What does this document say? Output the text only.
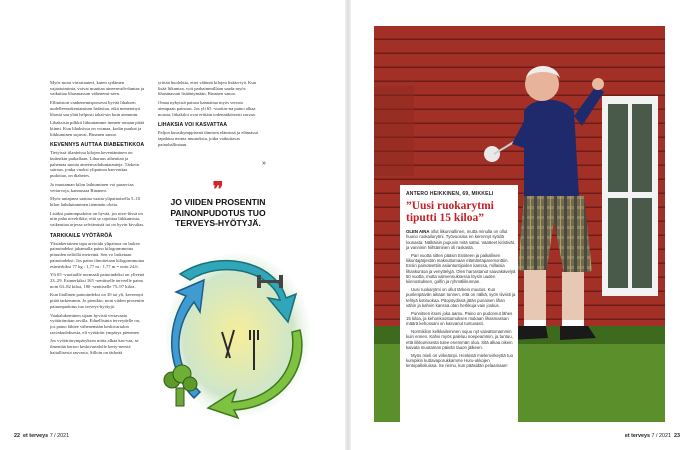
Myös moni virtsatauteri, kuten sydämen vajaatoiminta, voivat muuttaa aineenvaih-duntaa ja vaikuttaa lihasmassan vähenemi-seen.

Ellimiston vanhenemisprosessi hyvää lihaksen uudelleenrakentamisen hidastua, eikä menetettyä lihasta saa yhtä helposti takai-sin kuin aiemmin.

Lihaksista pilkkii liikuntamme immen-omaan pitää kiinni. Kun lihaksissa on voimaa, kodin puuhat ja liikkuminen sujuvat, Rinanen sanoo.

KEVENNYS AUTTAA DIABEETIKKOA

Tietyissä tilanteissa kilojen keventäminen on kuitenkin paikallaan. Liharuus aiheuttaa ja pahentaa monia aineenvaihduntatauteja. Tärkein sairaus, jonka vuoksi ylipainoa kan-nattaa pudottaa, on diabetes.

Jo muutaman kilon laihtuminen voi paran-taa veriarvoja, kannustaa Rinanen.

Myös uniapnea saattaa vaatia ylipainoisella 5–10 kilon laihduttaminen tiemmän olotta.

Lisäksi painonpudotus on hyvää, jos nive-liissä on niin paha nivelrikko, että se rajoittaa liikkumista, vaikeuttaa arjessa selviämistä tai on hyvin kivulias.

TARKKAILE VYÖTÄRÖÄ

Yksinkertainen tapa arvioida ylipainoa on laskea painoindeksi jakamalla paino kilogrammoina pituuden neliöllä metreinä. Sen vo lasketaan painoindeksi: Jos paino ilmoitetaan kilogrammoina esimerkiksi 77 kg : 1,77 m : 1,77 m = noin 24,6.

Yli 65 -vuotiaille normaali painoindeksi on ylivenä 23–29. Esimerkiksi 165 -senttiselle terveelle paino noin 63–82 kiloa, 180 -senttiselle 75–97 kiloa.

Kun liiallinen painoindeksi on 30 tai yli, kevennyä pitää tarkemmin. Jo pienikin, noin viiden prosentin painonpudotus tuo terveys-hyötyjä.

Vaakalukeminen sijaan hyvistä vertavaata vyötärömitan arvilla. Eduellisinta terveydelle on, jos paino lähtee vähenemään keskivartalon rasvakudoksesta, eli vyötärön ympärys pienenee.

Jos vyötärönympäryksen mitta alkaa kas-vaa, se ilmentää kertoo keskivartalolle kerty-neestä haitallisesta rasvasta. Silloin on tärkeää

yrittää huolehtia, ettei vähintä kilojen lisään-tyä. Kun lisää liikuntaa, voit parhaimmillaan saada myös lihasmassan lisääntymään, Rinanen sanoo.

Omaa nykyistä painoa kannattaa myös verrata aiempaan painoon. Jos yli 65 -vuotias-na paino alkaa nousta, liikakilot ovat erittäin todennäköisesti rasvaa.

LIHAKSIA VOI KASVATTAA

Paljon kuusikymppisenä ihmisen elämissä ja elämässä tapahtuu monia muutoksia, jotka vaikuttavat painohallintaan.

»
❞
JO VIIDEN PROSENTIN PAINONPUDOTUS TUO TERVEYS-HYÖTYJÄ.
22 et terveys 7 / 2021
ANTERO HEIKKINEN, 69, MIKKELI
”Uusi ruokarytmi tiputti 15 kiloa”

OLEN AINA ollut liikunnallinen, mutta minulla on ollut huono ruokailurytmi. Työvuosina en kerennyt syödä lounasta. Nälkäisin pupuvin mitä sattui. Vaatteet kiristivät, ja vanninin hiihtäminen oli raskasta.

Pari vuotta sitten pääsin Essiteen ja paikallisen liikuntajärjestön maksuttomaan elämäntaparemonttiin. Ensin painoteettiin asiantuntijoiden kanssa, millaisia lihaskuntoa ja venyttelyjä. Olen harrastanut sauvakävelyä 50 vuotta, mutta valmennuksessa löysin uuden kiinnostuksen, golfin ja ryhmäliikunnan.

Uusi ruokarytmi on ollut tärkein muutos. Kun puolenpäivän aikaan tunnen, että on nälkä, syön tiiviisti ja tehtyä kotiruokaa. Pitopöydissä jätän punaisen lihan vähin ja kahvin kanssa otan herkkuja vain joskus.

Punnitsen itseni joka aamu. Paino on pudonnut lähes 15 kiloa, ja kehonkoostumuksen mukaan lihasmassan määrä kehossani on kasvanut tuntuvasti.

Normikilon kelkkaileminen sujuu nyt vaivattomammin kuin ennen. Kahvi myös paleluu noepeammin, ja tuntuu, että liikkumisesta tulee enemmän oloa. Sitä alkaa oikein kaivata muutaman päivän tauon jälkeen.

Myös mieli on virkeämpi. Henkistä mielenvirkeyttä tuo kumpikin kuttavaporukkamme Huru-ukkojen lentopalloiluissa. Se riemu, kun pääsidän pelaamaan!

et terveys 7 / 2021 23
